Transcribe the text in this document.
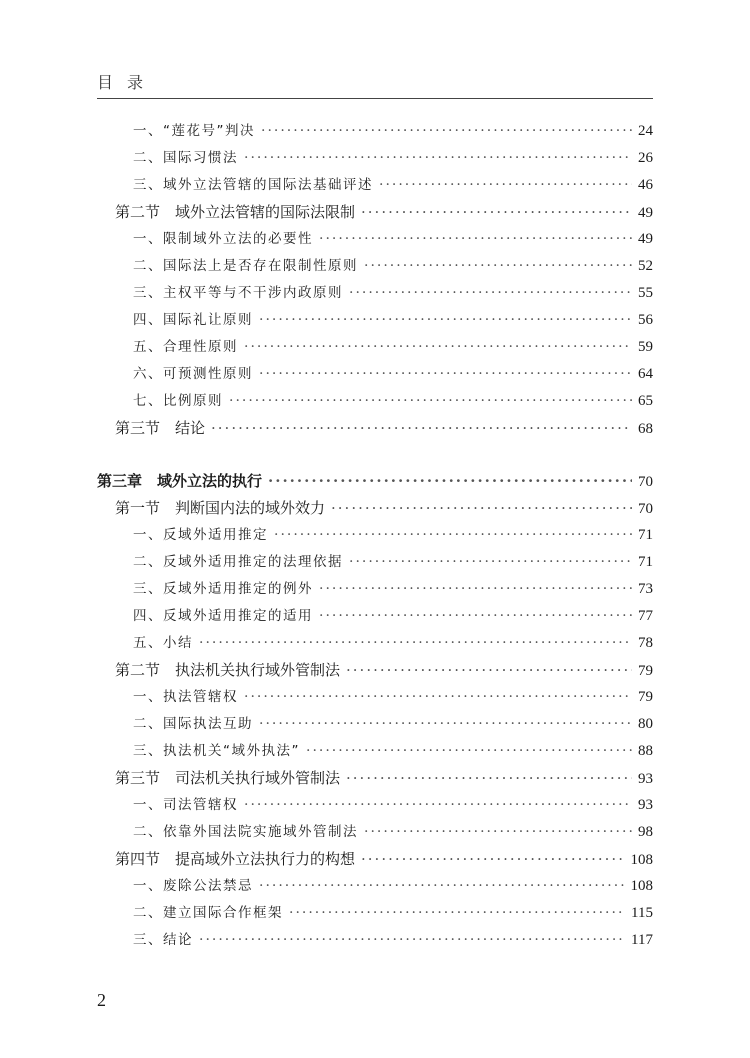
目录
一、“莲花号”判决 ·····	24
二、国际习惯法 ·····	26
三、域外立法管辖的国际法基础评述 ·····	46
第二节　域外立法管辖的国际法限制 ·····	49
一、限制域外立法的必要性 ·····	49
二、国际法上是否存在限制性原则 ·····	52
三、主权平等与不干涉内政原则 ·····	55
四、国际礼让原则 ·····	56
五、合理性原则 ·····	59
六、可预测性原则 ·····	64
七、比例原则 ·····	65
第三节　结论 ·····	68
第三章　域外立法的执行 ·····	70
第一节　判断国内法的域外效力 ·····	70
一、反域外适用推定 ·····	71
二、反域外适用推定的法理依据 ·····	71
三、反域外适用推定的例外 ·····	73
四、反域外适用推定的适用 ·····	77
五、小结 ·····	78
第二节　执法机关执行域外管制法 ·····	79
一、执法管辖权 ·····	79
二、国际执法互助 ·····	80
三、执法机关“域外执法” ·····	88
第三节　司法机关执行域外管制法 ·····	93
一、司法管辖权 ·····	93
二、依靠外国法院实施域外管制法 ·····	98
第四节　提高域外立法执行力的构想 ·····	108
一、废除公法禁忌 ·····	108
二、建立国际合作框架 ·····	115
三、结论 ·····	117
2
